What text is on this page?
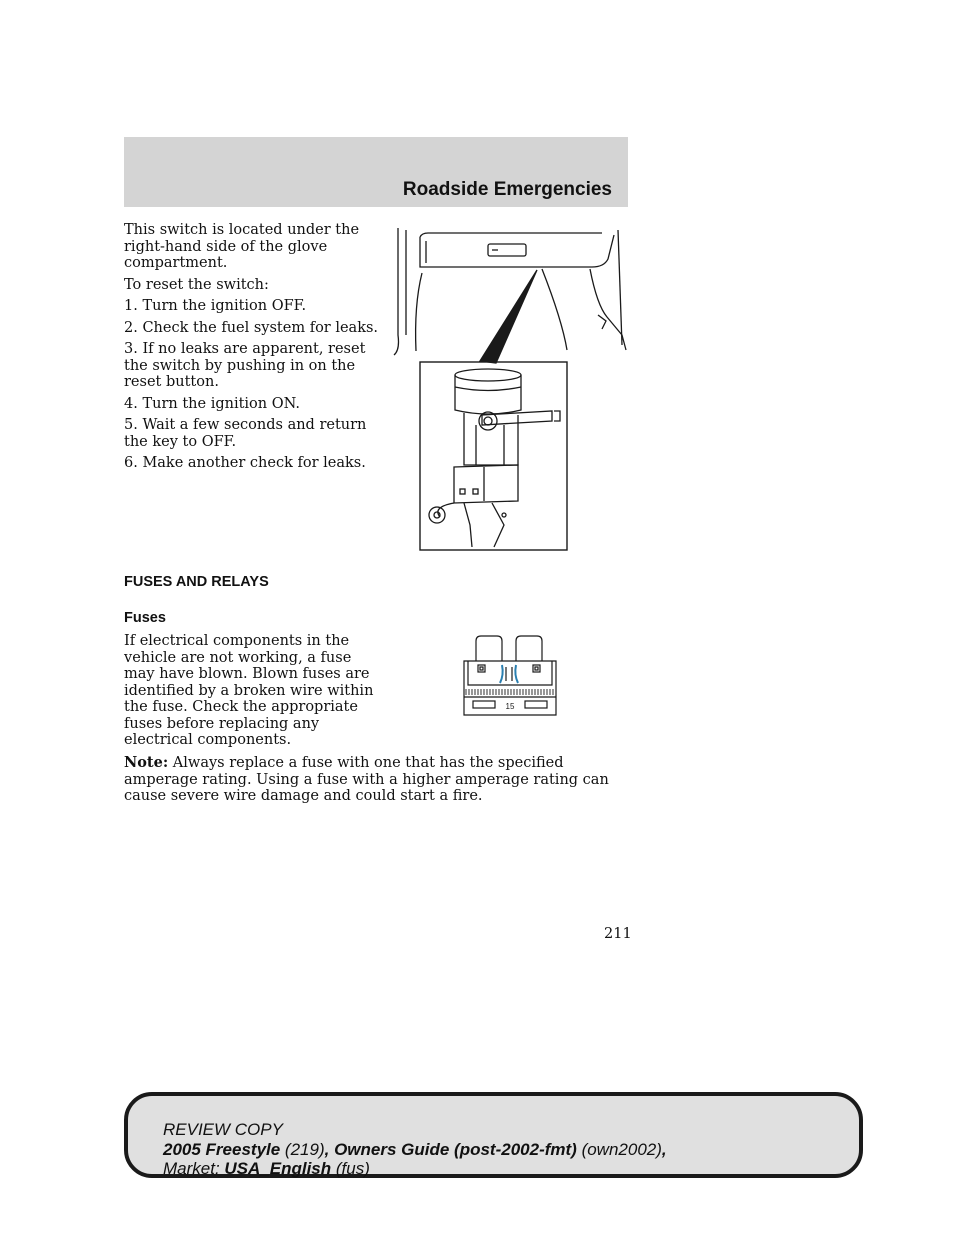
Roadside Emergencies

This switch is located under the right-hand side of the glove compartment.

To reset the switch:

1. Turn the ignition OFF.

2. Check the fuel system for leaks.

3. If no leaks are apparent, reset the switch by pushing in on the reset button.

4. Turn the ignition ON.

5. Wait a few seconds and return the key to OFF.

6. Make another check for leaks.

FUSES AND RELAYS
Fuses

If electrical components in the vehicle are not working, a fuse may have blown. Blown fuses are identified by a broken wire within the fuse. Check the appropriate fuses before replacing any electrical components.

15

Note: Always replace a fuse with one that has the specified amperage rating. Using a fuse with a higher amperage rating can cause severe wire damage and could start a fire.

211
REVIEW COPY
2005 Freestyle (219), Owners Guide (post-2002-fmt) (own2002),
Market: USA_English (fus)
